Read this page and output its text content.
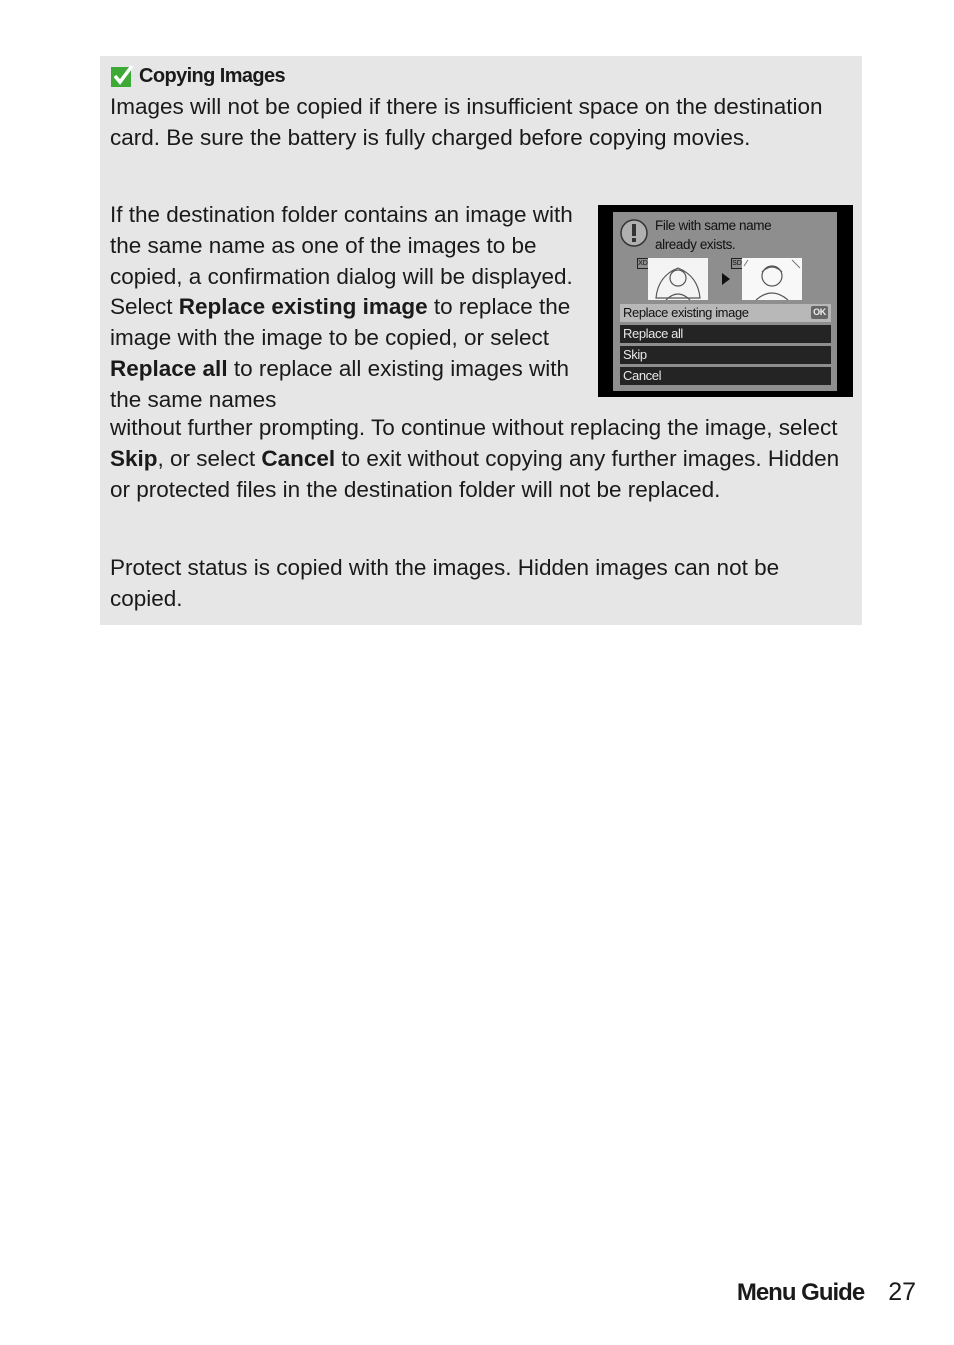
Copying Images

Images will not be copied if there is insufficient space on the destination card. Be sure the battery is fully charged before copying movies.

If the destination folder contains an image with the same name as one of the images to be copied, a confirmation dialog will be displayed. Select Replace existing image to replace the image with the image to be copied, or select Replace all to replace all existing images with the same names

without further prompting. To continue without replacing the image, select Skip, or select Cancel to exit without copying any further images. Hidden or protected files in the destination folder will not be replaced.

Protect status is copied with the images. Hidden images can not be copied.

File with same name
already exists.
XD	SD
Replace existing image	OK
Replace all
Skip
Cancel
Menu Guide 27
